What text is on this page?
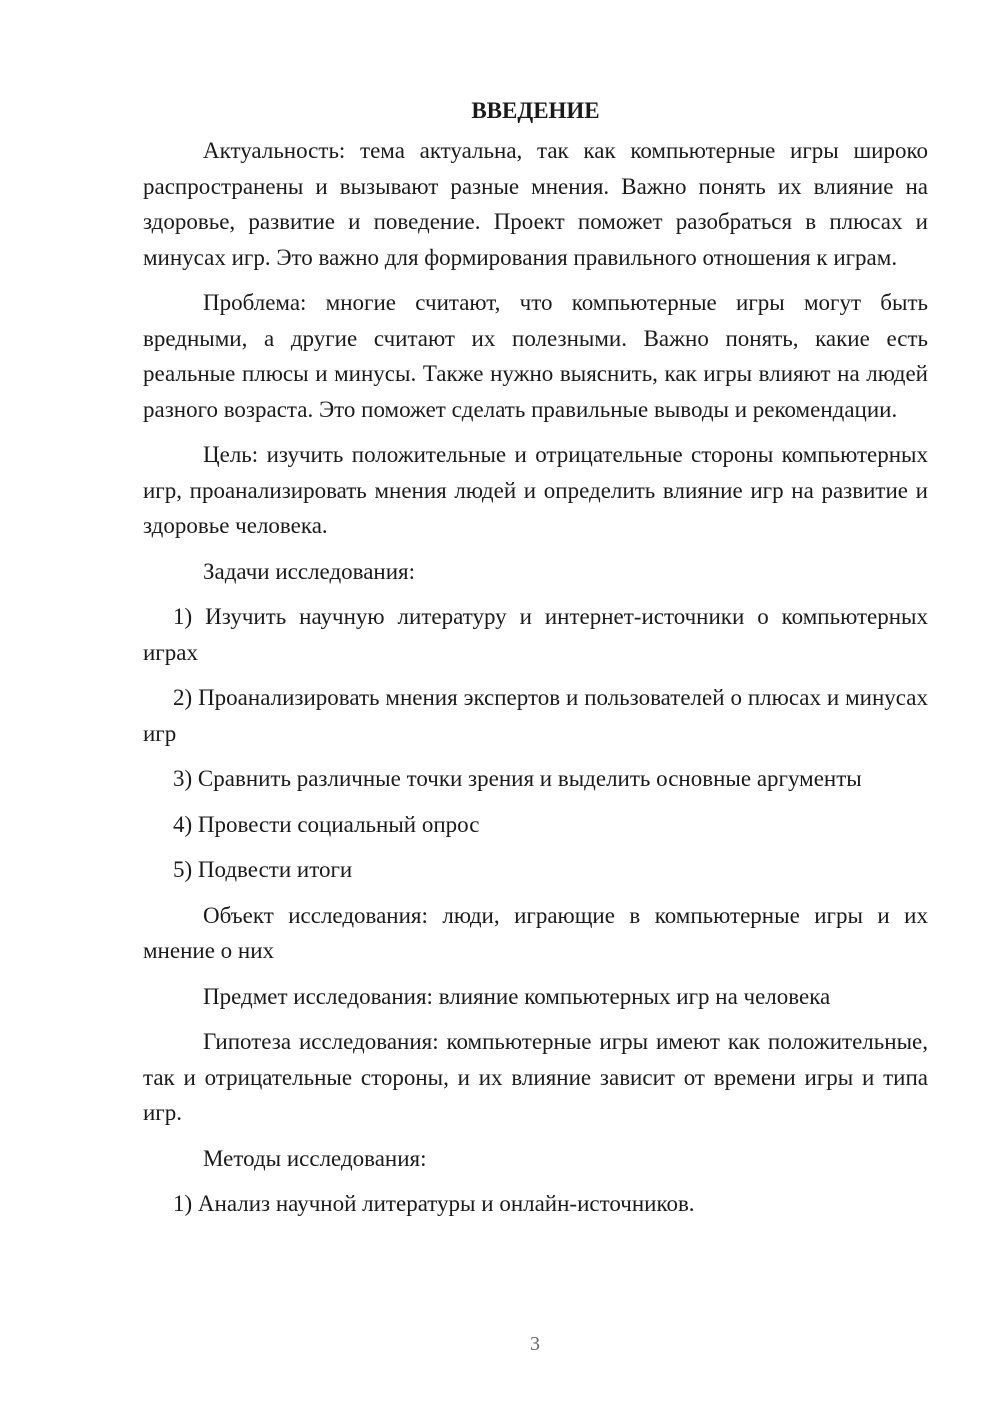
ВВЕДЕНИЕ

Актуальность: тема актуальна, так как компьютерные игры широко распространены и вызывают разные мнения. Важно понять их влияние на здоровье, развитие и поведение. Проект поможет разобраться в плюсах и минусах игр. Это важно для формирования правильного отношения к играм.

Проблема: многие считают, что компьютерные игры могут быть вредными, а другие считают их полезными. Важно понять, какие есть реальные плюсы и минусы. Также нужно выяснить, как игры влияют на людей разного возраста. Это поможет сделать правильные выводы и рекомендации.

Цель: изучить положительные и отрицательные стороны компьютерных игр, проанализировать мнения людей и определить влияние игр на развитие и здоровье человека.

Задачи исследования:

1) Изучить научную литературу и интернет-источники о компьютерных играх

2) Проанализировать мнения экспертов и пользователей о плюсах и минусах игр

3) Сравнить различные точки зрения и выделить основные аргументы

4) Провести социальный опрос

5) Подвести итоги

Объект исследования: люди, играющие в компьютерные игры и их мнение о них

Предмет исследования: влияние компьютерных игр на человека

Гипотеза исследования: компьютерные игры имеют как положительные, так и отрицательные стороны, и их влияние зависит от времени игры и типа игр.

Методы исследования:

1) Анализ научной литературы и онлайн-источников.

3
